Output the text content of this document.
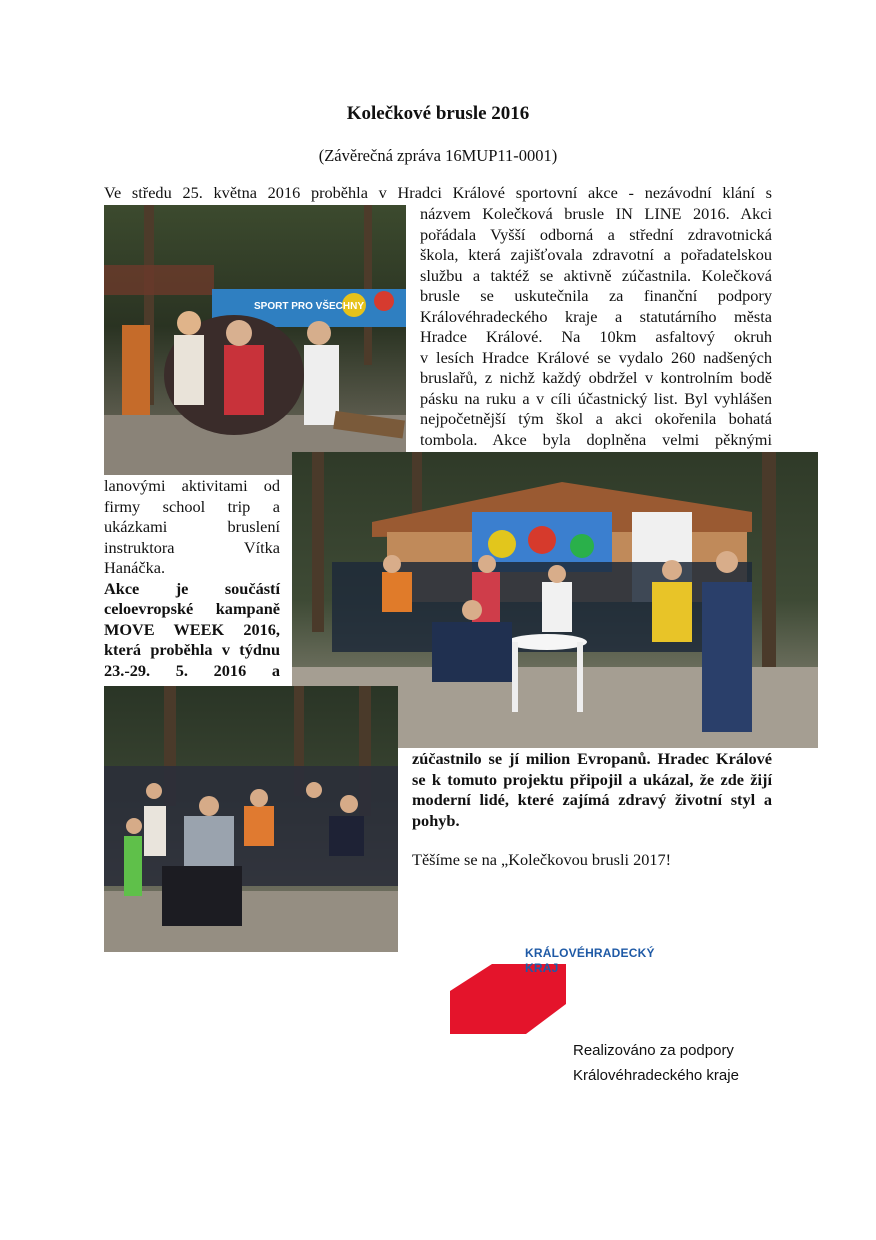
Kolečkové brusle 2016
(Závěrečná zpráva 16MUP11-0001)
Ve středu 25. května 2016 proběhla v Hradci Králové sportovní akce - nezávodní klání s
SPORT PRO VŠECHNY
názvem Kolečková brusle IN LINE 2016. Akci
pořádala Vyšší odborná a střední zdravotnická
škola, která zajišťovala zdravotní a pořadatelskou
službu a taktéž se aktivně zúčastnila. Kolečková
brusle se uskutečnila za finanční podpory
Královéhradeckého kraje a statutárního města
Hradce Králové. Na 10km asfaltový okruh
v lesích Hradce Králové se vydalo 260 nadšených
bruslařů, z nichž každý obdržel v kontrolním bodě
pásku na ruku a v cíli účastnický list. Byl vyhlášen
nejpočetnější tým škol a akci okořenila bohatá
tombola. Akce byla doplněna velmi pěknými
lanovými aktivitami od
firmy school trip a
ukázkami bruslení
instruktora Vítka
Hanáčka.
Akce je součástí
celoevropské kampaně
MOVE WEEK 2016,
která proběhla v týdnu
23.-29. 5. 2016 a
zúčastnilo se jí milion Evropanů. Hradec Králové
se k tomuto projektu připojil a ukázal, že zde žijí
moderní lidé, které zajímá zdravý životní styl a
pohyb.
Těšíme se na „Kolečkovou brusli 2017!
KRÁLOVÉHRADECKÝ
KRAJ
Realizováno za podpory
Královéhradeckého kraje
